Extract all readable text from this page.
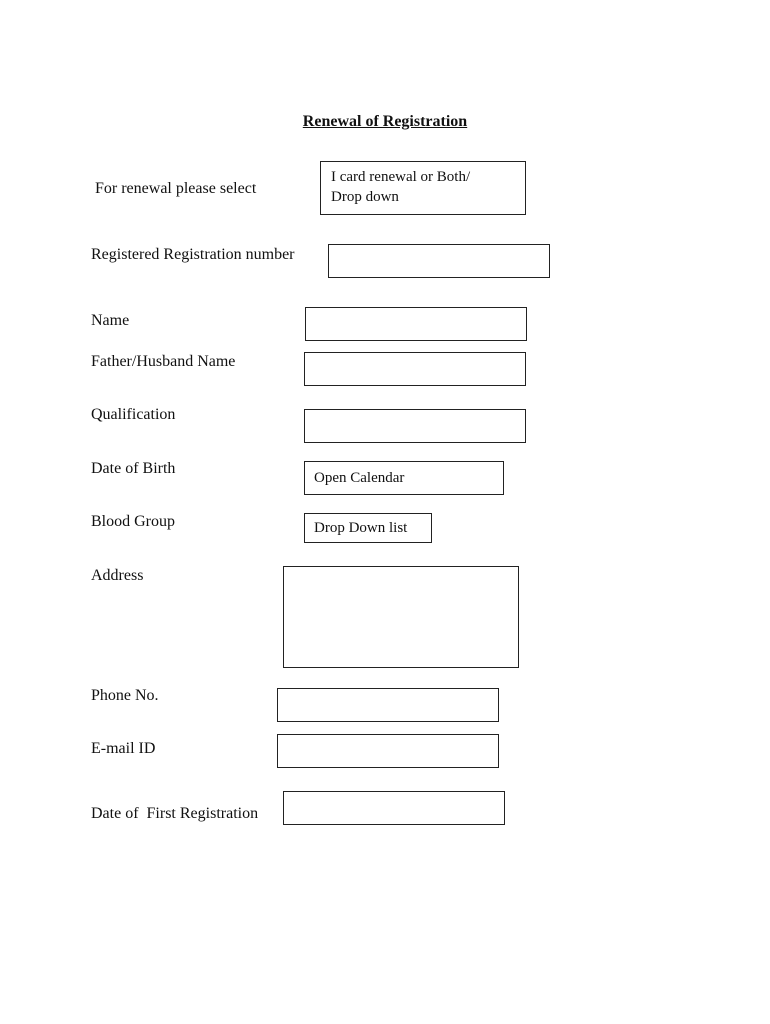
Renewal of Registration
For renewal please select
I card renewal or Both/
Drop down
Registered Registration number
Name
Father/Husband Name
Qualification
Date of Birth
Open Calendar
Blood Group	Drop Down list
Address
Phone No.
E-mail ID
Date of  First Registration
